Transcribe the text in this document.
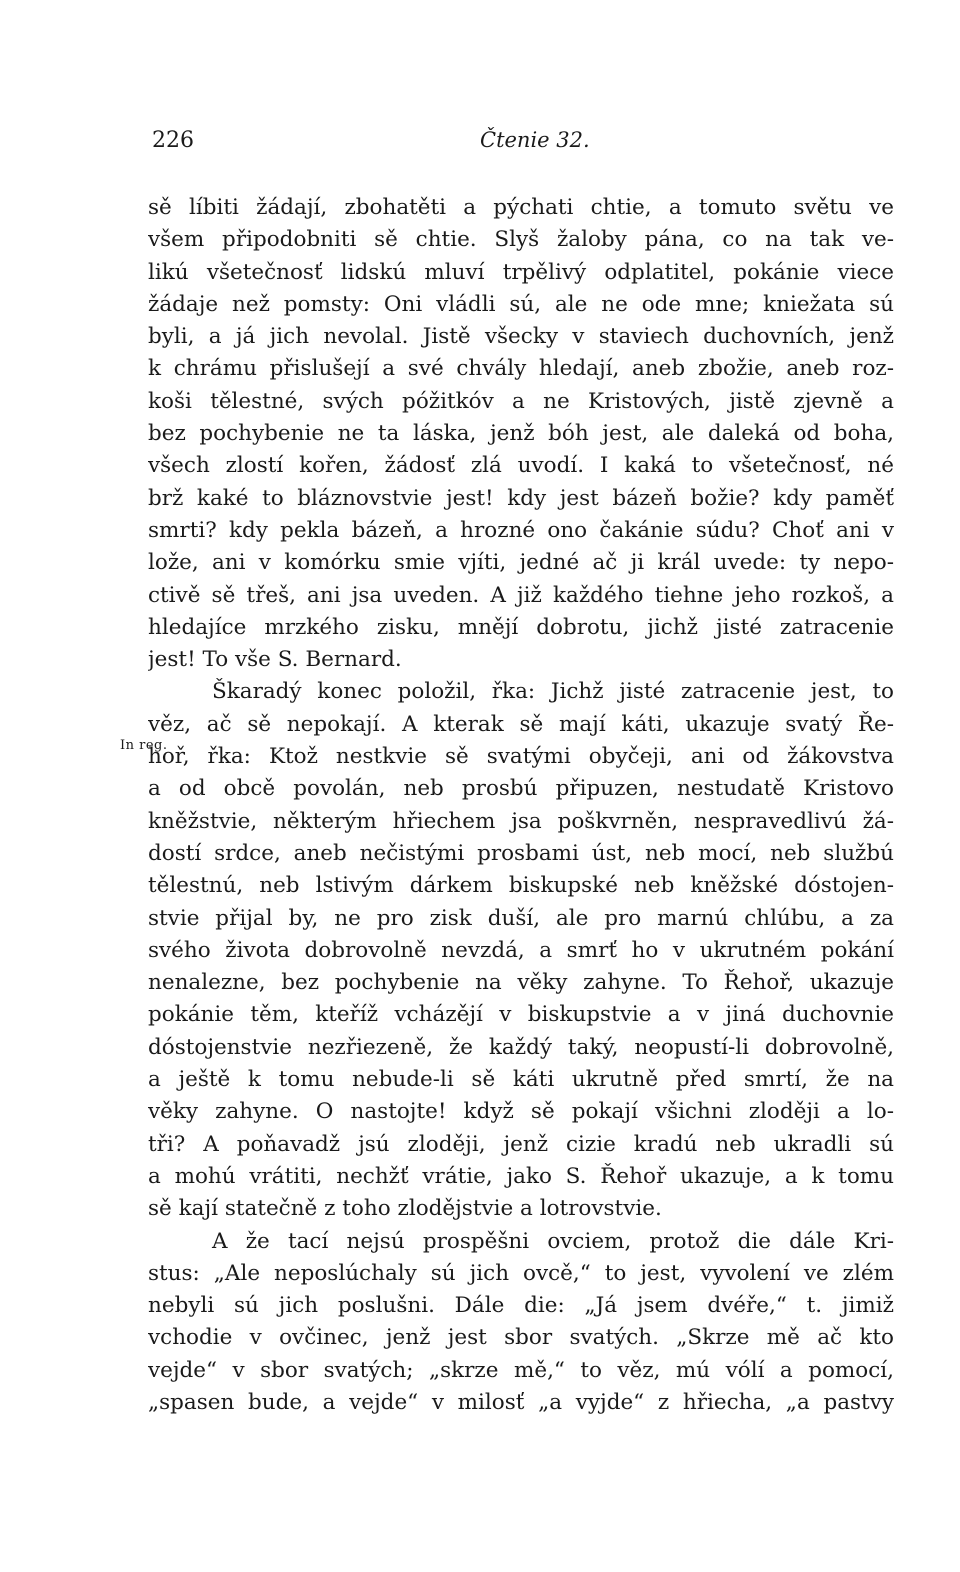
226	Čtenie 32.
In reg.
sě líbiti žádají, zbohatěti a pýchati chtie, a tomuto světu ve
všem připodobniti sě chtie. Slyš žaloby pána, co na tak ve-
likú všetečnosť lidskú mluví trpělivý odplatitel, pokánie viece
žádaje než pomsty: Oni vládli sú, ale ne ode mne; kniežata sú
byli, a já jich nevolal. Jistě všecky v staviech duchovních, jenž
k chrámu přislušejí a své chvály hledají, aneb zbožie, aneb roz-
koši tělestné, svých póžitkóv a ne Kristových, jistě zjevně a
bez pochybenie ne ta láska, jenž bóh jest, ale daleká od boha,
všech zlostí kořen, žádosť zlá uvodí. I kaká to všetečnosť, né
brž kaké to bláznovstvie jest! kdy jest bázeň božie? kdy paměť
smrti? kdy pekla bázeň, a hrozné ono čakánie súdu? Choť ani v
lože, ani v komórku smie vjíti, jedné ač ji král uvede: ty nepo-
ctivě sě třeš, ani jsa uveden. A již každého tiehne jeho rozkoš, a
hledajíce mrzkého zisku, mnějí dobrotu, jichž jisté zatracenie
jest! To vše S. Bernard.
Škaradý konec položil, řka: Jichž jisté zatracenie jest, to
věz, ač sě nepokají. A kterak sě mají káti, ukazuje svatý Ře-
hoř, řka: Ktož nestkvie sě svatými obyčeji, ani od žákovstva
a od obcě povolán, neb prosbú připuzen, nestudatě Kristovo
kněžstvie, některým hřiechem jsa poškvrněn, nespravedlivú žá-
dostí srdce, aneb nečistými prosbami úst, neb mocí, neb službú
tělestnú, neb lstivým dárkem biskupské neb kněžské dóstojen-
stvie přijal by, ne pro zisk duší, ale pro marnú chlúbu, a za
svého života dobrovolně nevzdá, a smrť ho v ukrutném pokání
nenalezne, bez pochybenie na věky zahyne. To Řehoř, ukazuje
pokánie těm, kteříž vcházějí v biskupstvie a v jiná duchovnie
dóstojenstvie nezřiezeně, že každý taký, neopustí-li dobrovolně,
a ještě k tomu nebude-li sě káti ukrutně před smrtí, že na
věky zahyne. O nastojte! když sě pokají všichni zloději a lo-
tři? A poňavadž jsú zloději, jenž cizie kradú neb ukradli sú
a mohú vrátiti, nechžť vrátie, jako S. Řehoř ukazuje, a k tomu
sě kají statečně z toho zlodějstvie a lotrovstvie.
A že tací nejsú prospěšni ovciem, protož die dále Kri-
stus: „Ale neposlúchaly sú jich ovcě,“ to jest, vyvolení ve zlém
nebyli sú jich poslušni. Dále die: „Já jsem dvéře,“ t. jimiž
vchodie v ovčinec, jenž jest sbor svatých. „Skrze mě ač kto
vejde“ v sbor svatých; „skrze mě,“ to věz, mú vólí a pomocí,
„spasen bude, a vejde“ v milosť „a vyjde“ z hřiecha, „a pastvy
